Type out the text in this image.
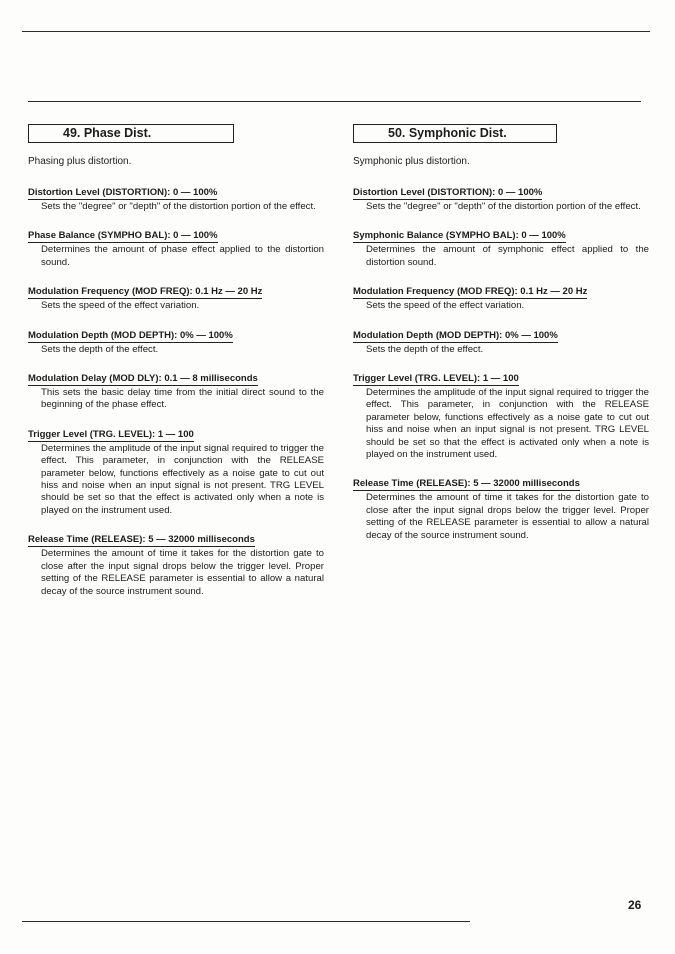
49. Phase Dist.

Phasing plus distortion.

Distortion Level (DISTORTION): 0 — 100%

Sets the "degree" or "depth" of the distortion portion of the effect.

Phase Balance (SYMPHO BAL): 0 — 100%

Determines the amount of phase effect applied to the distortion sound.

Modulation Frequency (MOD FREQ): 0.1 Hz — 20 Hz

Sets the speed of the effect variation.

Modulation Depth (MOD DEPTH): 0% — 100%

Sets the depth of the effect.

Modulation Delay (MOD DLY): 0.1 — 8 milliseconds

This sets the basic delay time from the initial direct sound to the beginning of the phase effect.

Trigger Level (TRG. LEVEL): 1 — 100

Determines the amplitude of the input signal required to trigger the effect. This parameter, in conjunction with the RELEASE parameter below, functions effectively as a noise gate to cut out hiss and noise when an input signal is not present. TRG LEVEL should be set so that the effect is activated only when a note is played on the instrument used.

Release Time (RELEASE): 5 — 32000 milliseconds

Determines the amount of time it takes for the distortion gate to close after the input signal drops below the trigger level. Proper setting of the RELEASE parameter is essential to allow a natural decay of the source instrument sound.

50. Symphonic Dist.

Symphonic plus distortion.

Distortion Level (DISTORTION): 0 — 100%

Sets the "degree" or "depth" of the distortion portion of the effect.

Symphonic Balance (SYMPHO BAL): 0 — 100%

Determines the amount of symphonic effect applied to the distortion sound.

Modulation Frequency (MOD FREQ): 0.1 Hz — 20 Hz

Sets the speed of the effect variation.

Modulation Depth (MOD DEPTH): 0% — 100%

Sets the depth of the effect.

Trigger Level (TRG. LEVEL): 1 — 100

Determines the amplitude of the input signal required to trigger the effect. This parameter, in conjunction with the RELEASE parameter below, functions effectively as a noise gate to cut out hiss and noise when an input signal is not present. TRG LEVEL should be set so that the effect is activated only when a note is played on the instrument used.

Release Time (RELEASE): 5 — 32000 milliseconds

Determines the amount of time it takes for the distortion gate to close after the input signal drops below the trigger level. Proper setting of the RELEASE parameter is essential to allow a natural decay of the source instrument sound.

26
